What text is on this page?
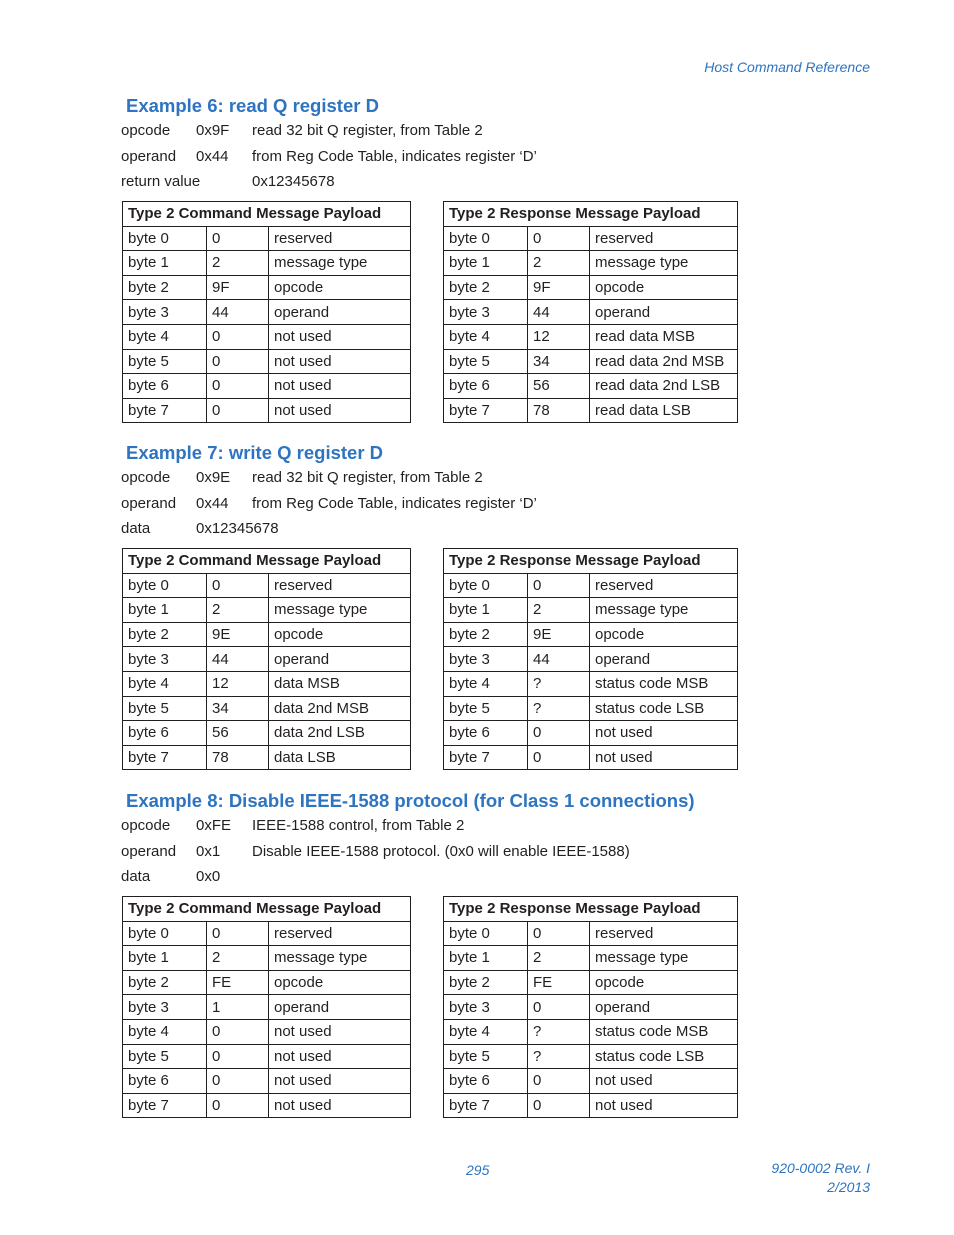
Host Command Reference
Example 6: read Q register D
opcode 0x9F read 32 bit Q register, from Table 2
operand 0x44 from Reg Code Table, indicates register ‘D’
return value	0x12345678
Type 2 Command Message Payload		
byte 0	0	reserved
byte 1	2	message type
byte 2	9F	opcode
byte 3	44	operand
byte 4	0	not used
byte 5	0	not used
byte 6	0	not used
byte 7	0	not used
Type 2 Response Message Payload		
byte 0	0	reserved
byte 1	2	message type
byte 2	9F	opcode
byte 3	44	operand
byte 4	12	read data MSB
byte 5	34	read data 2nd MSB
byte 6	56	read data 2nd LSB
byte 7	78	read data LSB
Example 7: write Q register D
opcode 0x9E read 32 bit Q register, from Table 2
operand 0x44 from Reg Code Table, indicates register ‘D’
data	0x12345678
Type 2 Command Message Payload		
byte 0	0	reserved
byte 1	2	message type
byte 2	9E	opcode
byte 3	44	operand
byte 4	12	data MSB
byte 5	34	data 2nd MSB
byte 6	56	data 2nd LSB
byte 7	78	data LSB
Type 2 Response Message Payload		
byte 0	0	reserved
byte 1	2	message type
byte 2	9E	opcode
byte 3	44	operand
byte 4	?	status code MSB
byte 5	?	status code LSB
byte 6	0	not used
byte 7	0	not used
Example 8: Disable IEEE-1588 protocol (for Class 1 connections)
opcode 0xFE IEEE-1588 control, from Table 2
operand 0x1 Disable IEEE-1588 protocol. (0x0 will enable IEEE-1588)
data	0x0
Type 2 Command Message Payload		
byte 0	0	reserved
byte 1	2	message type
byte 2	FE	opcode
byte 3	1	operand
byte 4	0	not used
byte 5	0	not used
byte 6	0	not used
byte 7	0	not used
Type 2 Response Message Payload		
byte 0	0	reserved
byte 1	2	message type
byte 2	FE	opcode
byte 3	0	operand
byte 4	?	status code MSB
byte 5	?	status code LSB
byte 6	0	not used
byte 7	0	not used
295	920-0002 Rev. I
2/2013
